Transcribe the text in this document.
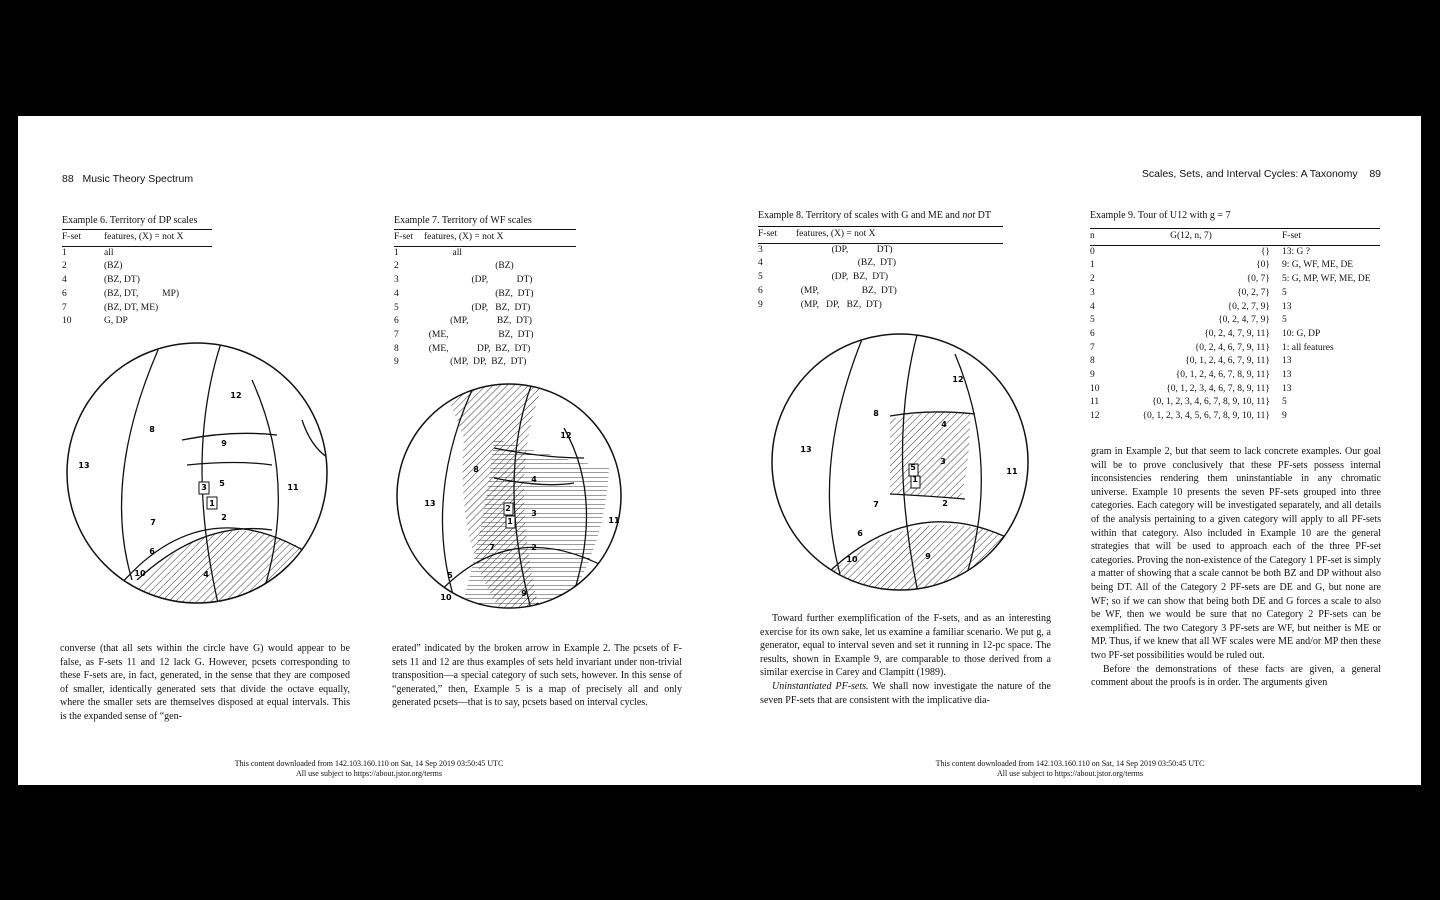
88 Music Theory Spectrum	Scales, Sets, and Interval Cycles: A Taxonomy 89
Example 6. Territory of DP scales
F-set	features, (X) = not X
1	all
2	(BZ)
4	(BZ, DT)
6	(BZ, DT,          MP)
7	(BZ, DT, ME)
10	G, DP
Example 7. Territory of WF scales
F-set	features, (X) = not X
1	all
2	(BZ)
3	(DP,            DT)
4	(BZ,  DT)
5	(DP,   BZ,  DT)
6	(MP,            BZ,  DT)
7	(ME,                     BZ,  DT)
8	(ME,            DP,  BZ,  DT)
9	(MP,  DP,  BZ,  DT)
Example 8. Territory of scales with G and ME and not DT
F-set	features, (X) = not X
3	(DP,            DT)
4	(BZ,  DT)
5	(DP,  BZ,  DT)
6	(MP,                  BZ,  DT)
9	(MP,   DP,   BZ,  DT)
Example 9. Tour of U12 with g = 7
n	G(12, n, 7)	F-set
0	{}	13: G ?
1	{0}	9: G, WF, ME, DE
2	{0, 7}	5: G, MP, WF, ME, DE
3	{0, 2, 7}	5
4	{0, 2, 7, 9}	13
5	{0, 2, 4, 7, 9}	5
6	{0, 2, 4, 7, 9, 11}	10: G, DP
7	{0, 2, 4, 6, 7, 9, 11}	1: all features
8	{0, 1, 2, 4, 6, 7, 9, 11}	13
9	{0, 1, 2, 4, 6, 7, 8, 9, 11}	13
10	{0, 1, 2, 3, 4, 6, 7, 8, 9, 11}	13
11	{0, 1, 2, 3, 4, 6, 7, 8, 9, 10, 11}	5
12	{0, 1, 2, 3, 4, 5, 6, 7, 8, 9, 10, 11}	9
13
8
12
9
5
3
1
11
7
2
6
10	4
13
8
12
4
3
2
1	11
7	2
5
10	9
13
8
12
4
3
5
1
11
7	2
6
10	9

converse (that all sets within the circle have G) would appear to be false, as F-sets 11 and 12 lack G. However, pcsets corresponding to these F-sets are, in fact, generated, in the sense that they are composed of smaller, identically generated sets that divide the octave equally, where the smaller sets are themselves disposed at equal intervals. This is the expanded sense of “gen-

erated” indicated by the broken arrow in Example 2. The pcsets of F-sets 11 and 12 are thus examples of sets held invariant under non-trivial transposition—a special category of such sets, however. In this sense of “generated,” then, Example 5 is a map of precisely all and only generated pcsets—that is to say, pcsets based on interval cycles.

Toward further exemplification of the F-sets, and as an interesting exercise for its own sake, let us examine a familiar scenario. We put g, a generator, equal to interval seven and set it running in 12-pc space. The results, shown in Example 9, are comparable to those derived from a similar exercise in Carey and Clampitt (1989).

Uninstantiated PF-sets. We shall now investigate the nature of the seven PF-sets that are consistent with the implicative dia-

gram in Example 2, but that seem to lack concrete examples. Our goal will be to prove conclusively that these PF-sets possess internal inconsistencies rendering them uninstantiable in any chromatic universe. Example 10 presents the seven PF-sets grouped into three categories. Each category will be investigated separately, and all details of the analysis pertaining to a given category will apply to all PF-sets within that category. Also included in Example 10 are the general strategies that will be used to approach each of the three PF-set categories. Proving the non-existence of the Category 1 PF-set is simply a matter of showing that a scale cannot be both BZ and DP without also being DT. All of the Category 2 PF-sets are DE and G, but none are WF; so if we can show that being both DE and G forces a scale to also be WF, then we would be sure that no Category 2 PF-sets can be exemplified. The two Category 3 PF-sets are WF, but neither is ME or MP. Thus, if we knew that all WF scales were ME and/or MP then these two PF-set possibilities would be ruled out.

Before the demonstrations of these facts are given, a general comment about the proofs is in order. The arguments given

This content downloaded from 142.103.160.110 on Sat, 14 Sep 2019 03:50:45 UTC
All use subject to https://about.jstor.org/terms
This content downloaded from 142.103.160.110 on Sat, 14 Sep 2019 03:50:45 UTC
All use subject to https://about.jstor.org/terms
